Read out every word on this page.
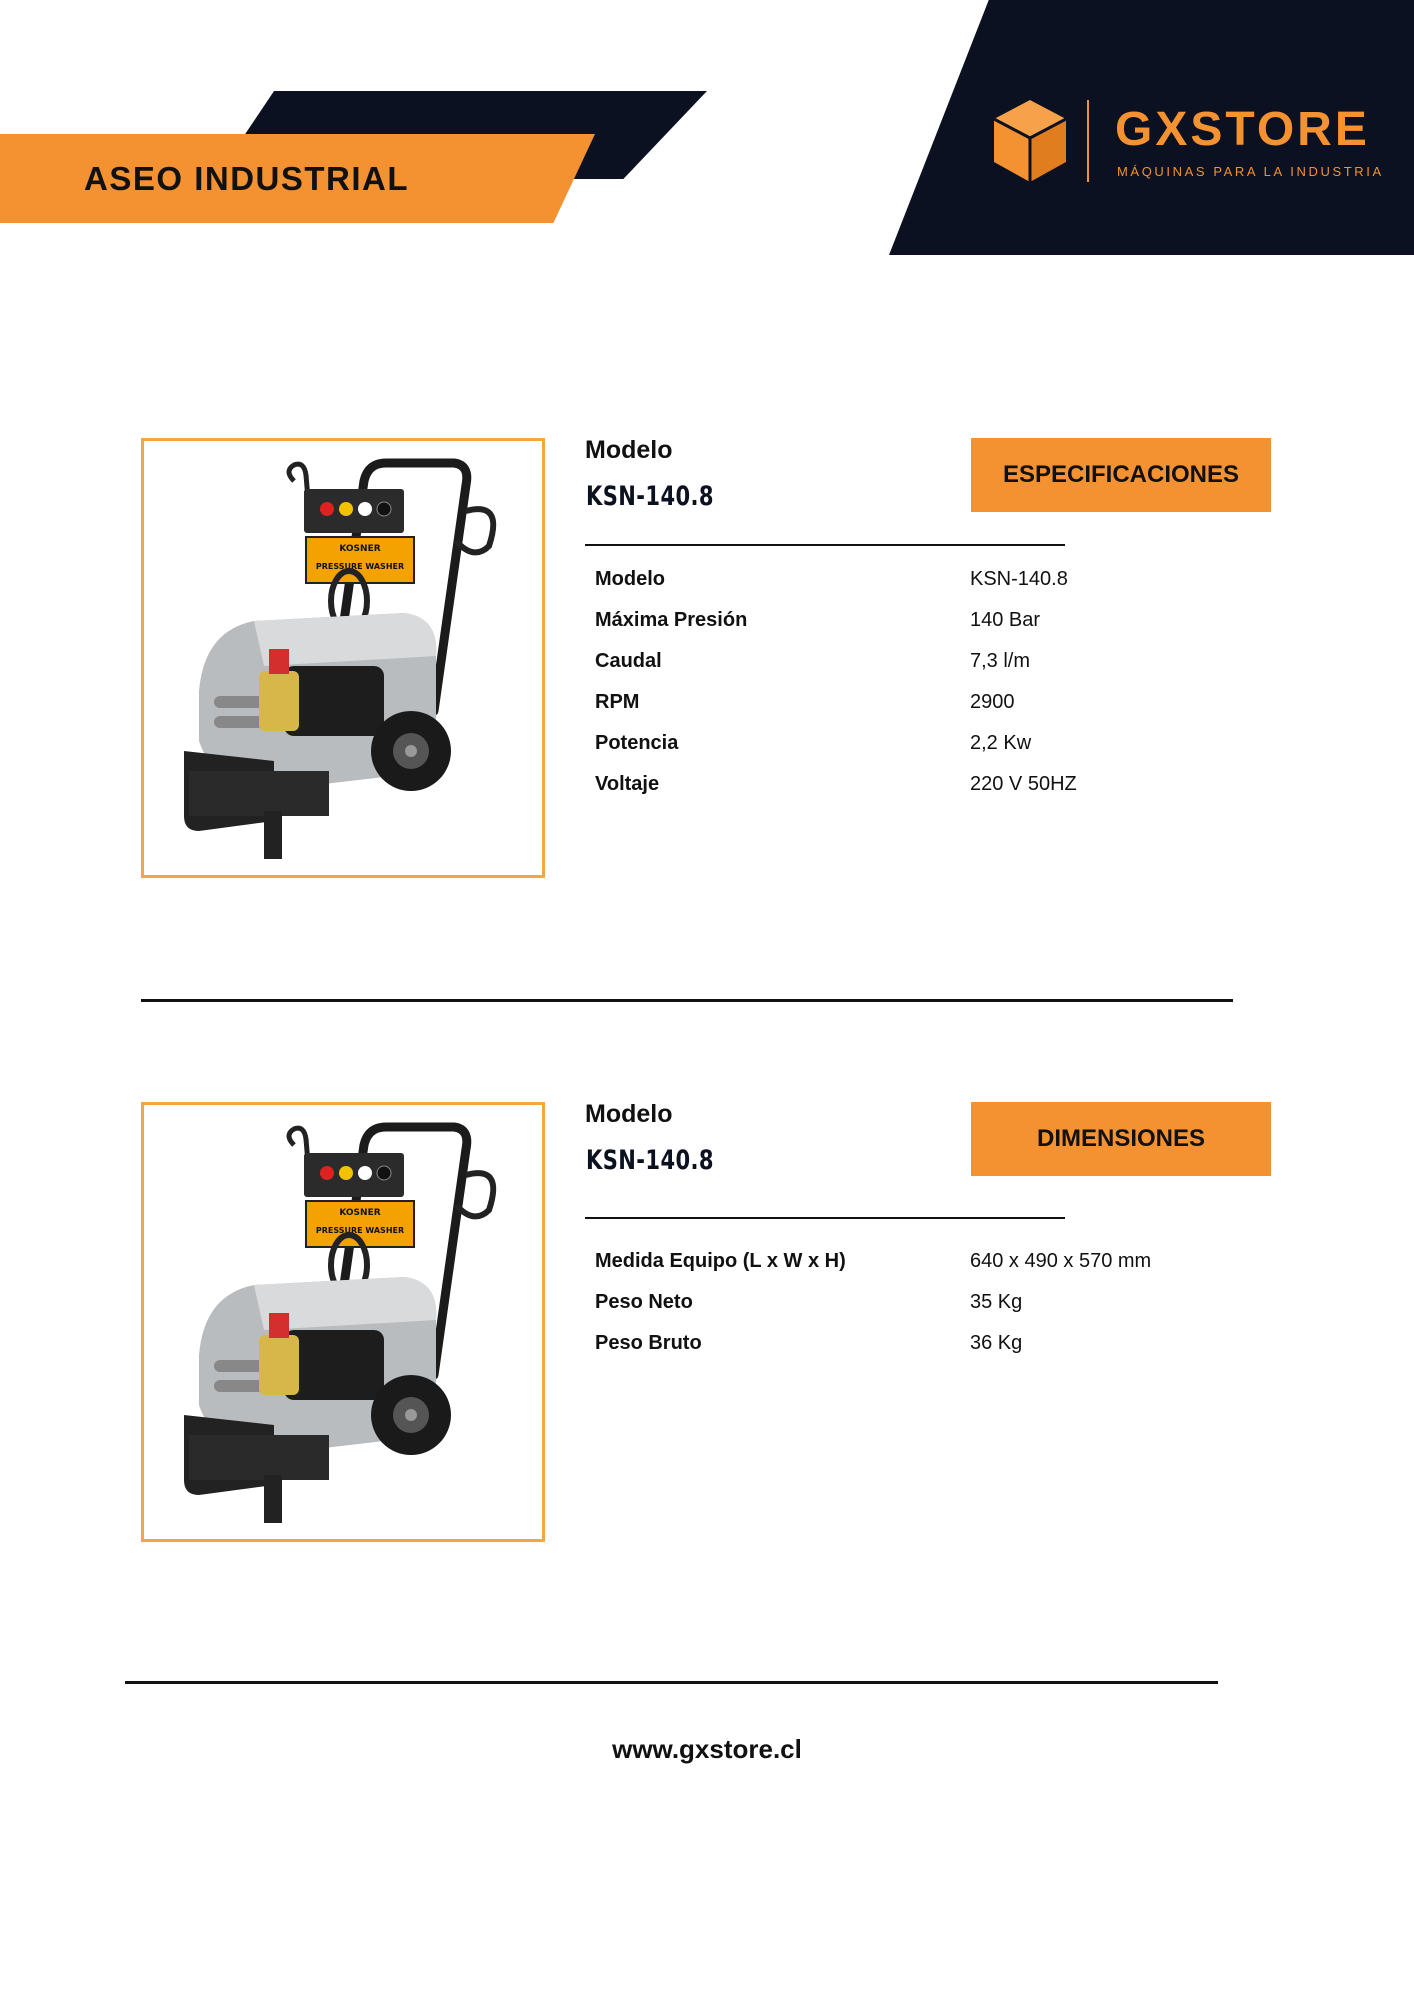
ASEO INDUSTRIAL
GXSTORE
MÁQUINAS PARA LA INDUSTRIA
KOSNER
PRESSURE WASHER
Modelo
KSN-140.8
ESPECIFICACIONES
Modelo	KSN-140.8
Máxima Presión	140 Bar
Caudal	7,3 l/m
RPM	2900
Potencia	2,2 Kw
Voltaje	220 V 50HZ
KOSNER
PRESSURE WASHER
Modelo
KSN-140.8
DIMENSIONES
Medida Equipo (L x W x H)	640 x 490 x 570 mm
Peso Neto	35 Kg
Peso Bruto	36 Kg
www.gxstore.cl
